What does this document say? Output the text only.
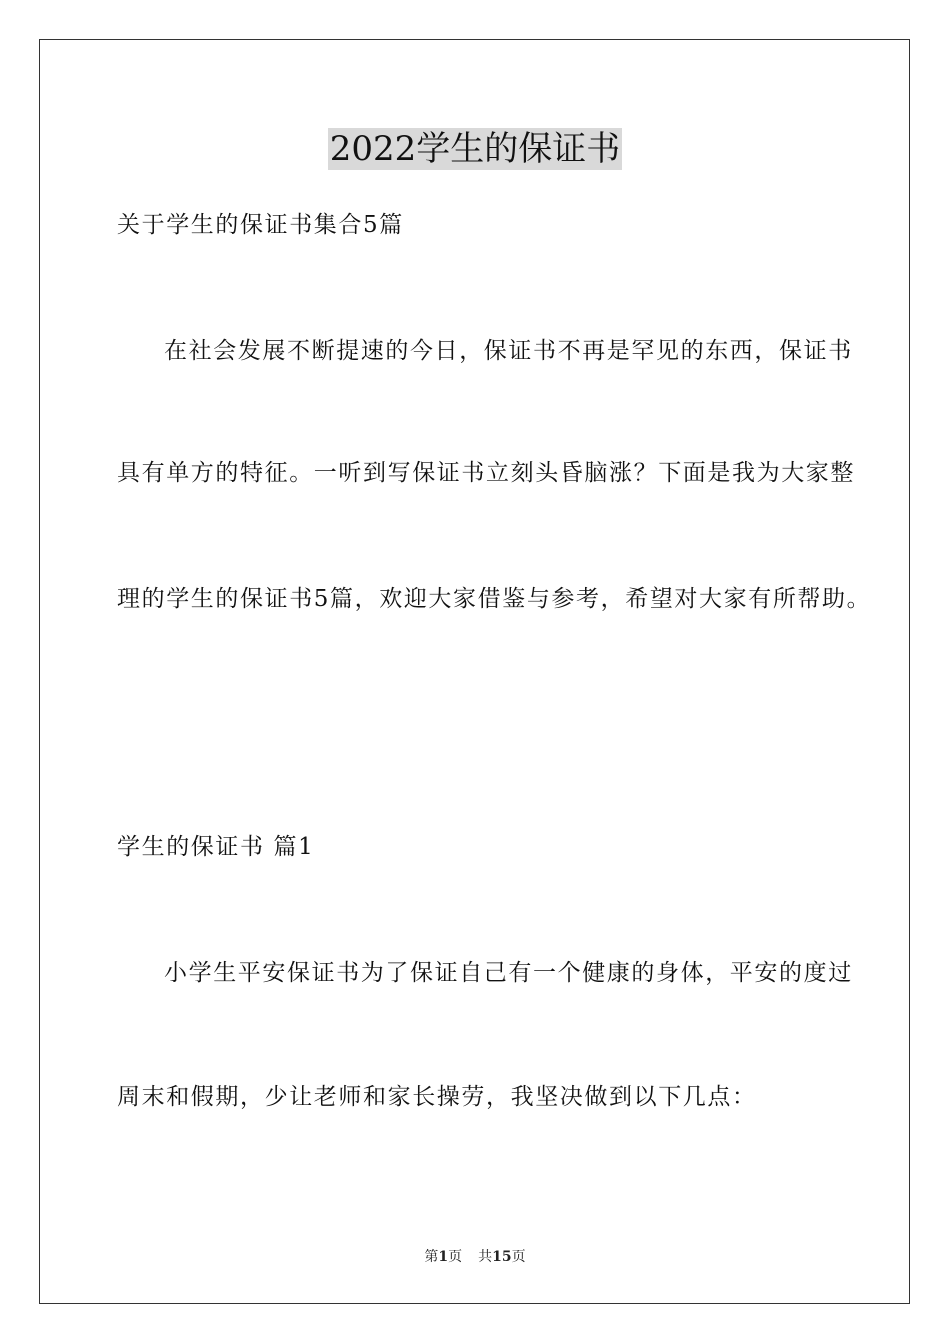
2022学生的保证书

关于学生的保证书集合5篇

在社会发展不断提速的今日，保证书不再是罕见的东西，保证书

具有单方的特征。一听到写保证书立刻头昏脑涨？下面是我为大家整

理的学生的保证书5篇，欢迎大家借鉴与参考，希望对大家有所帮助。

学生的保证书 篇1

小学生平安保证书为了保证自己有一个健康的身体，平安的度过

周末和假期，少让老师和家长操劳，我坚决做到以下几点：

第1页 共15页
